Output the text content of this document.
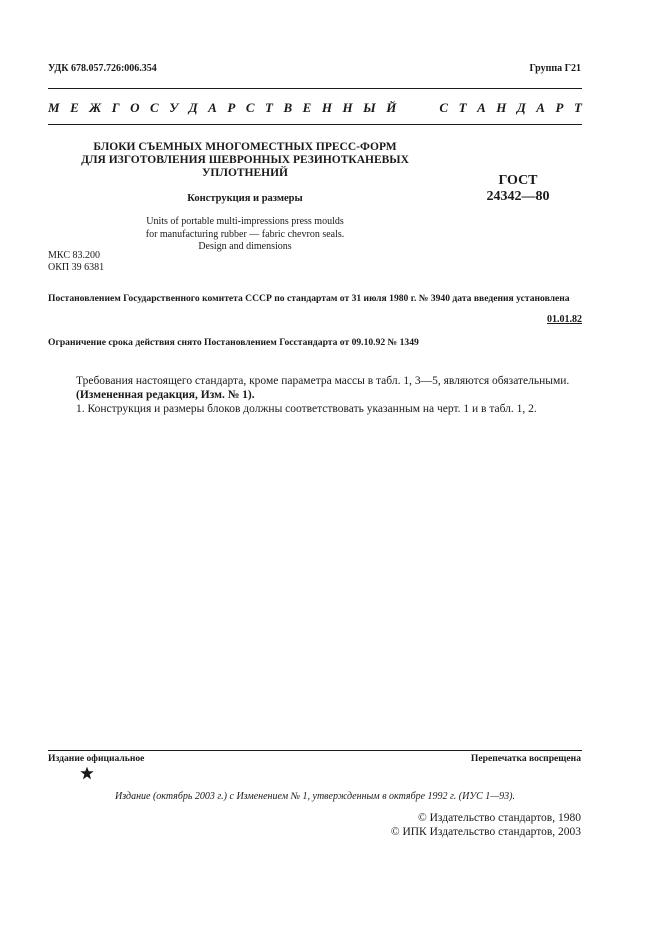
УДК 678.057.726:006.354	Группа Г21
М Е Ж Г О С У Д А Р С Т В Е Н Н Ы Й	С Т А Н Д А Р Т
БЛОКИ СЪЕМНЫХ МНОГОМЕСТНЫХ ПРЕСС-ФОРМ
ДЛЯ ИЗГОТОВЛЕНИЯ ШЕВРОННЫХ РЕЗИНОТКАНЕВЫХ
УПЛОТНЕНИЙ
Конструкция и размеры
Units of portable multi-impressions press moulds
for manufacturing rubber — fabric chevron seals.
Design and dimensions
ГОСТ
24342—80
МКС 83.200
ОКП 39 6381
Постановлением Государственного комитета СССР по стандартам от 31 июля 1980 г. № 3940 дата введения установлена
01.01.82
Ограничение срока действия снято Постановлением Госстандарта от 09.10.92 № 1349

Требования настоящего стандарта, кроме параметра массы в табл. 1, 3—5, являются обязательными.

(Измененная редакция, Изм. № 1).

1. Конструкция и размеры блоков должны соответствовать указанным на черт. 1 и в табл. 1, 2.

Издание официальное	Перепечатка воспрещена
Издание (октябрь 2003 г.) с Изменением № 1, утвержденным в октябре 1992 г. (ИУС 1—93).
© Издательство стандартов, 1980
© ИПК Издательство стандартов, 2003
